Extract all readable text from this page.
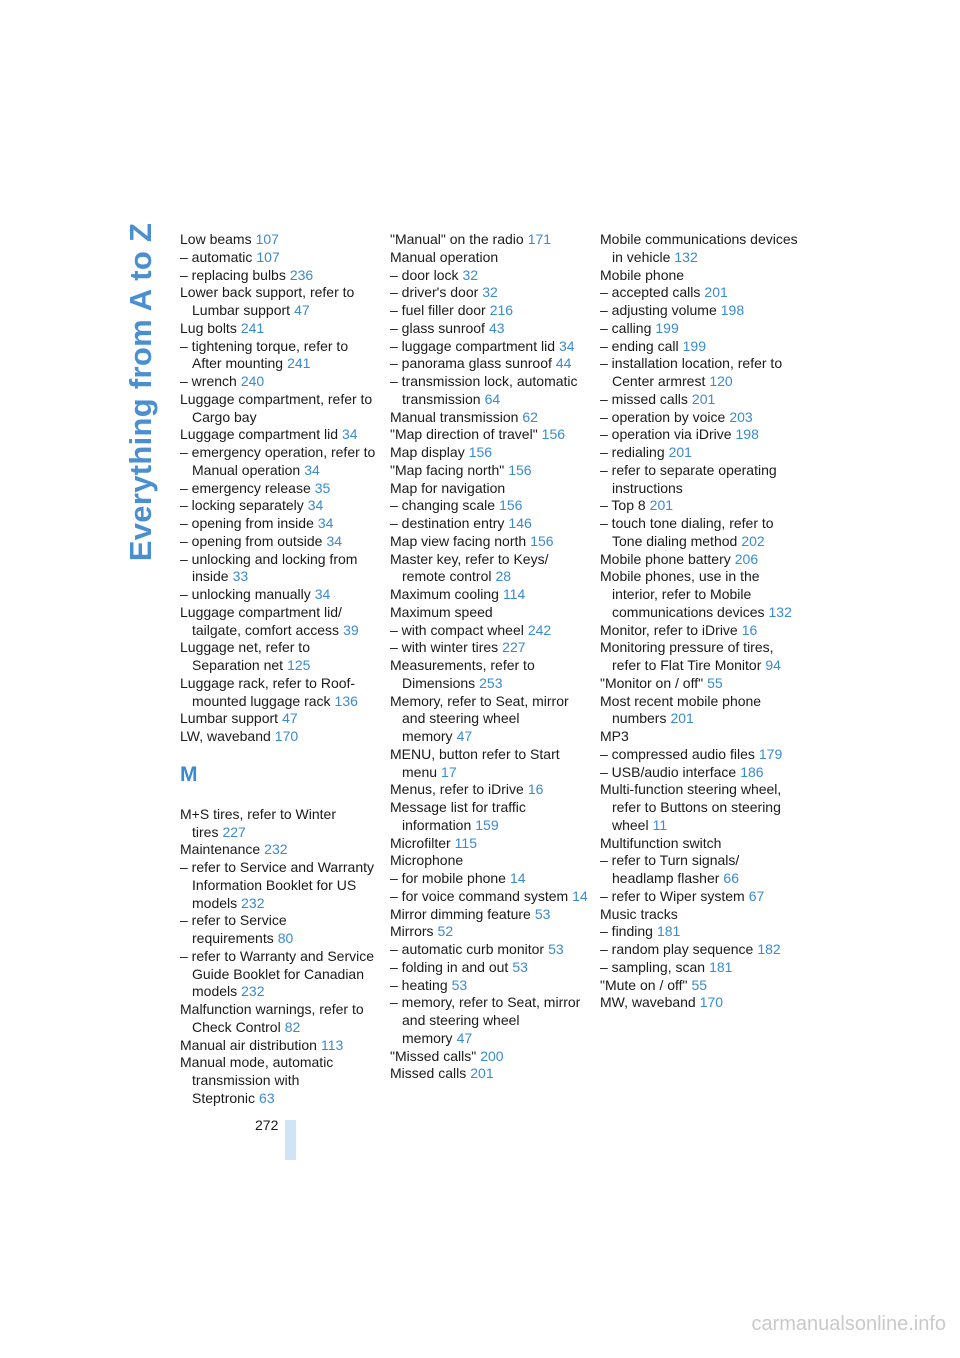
Everything from A to Z Low beams 107
– automatic 107
– replacing bulbs 236
Lower back support, refer to Lumbar support 47
Lug bolts 241
– tightening torque, refer to After mounting 241
– wrench 240
Luggage compartment, refer to Cargo bay
Luggage compartment lid 34
– emergency operation, refer to Manual operation 34
– emergency release 35
– locking separately 34
– opening from inside 34
– opening from outside 34
– unlocking and locking from inside 33
– unlocking manually 34
Luggage compartment lid/ tailgate, comfort access 39
Luggage net, refer to Separation net 125
Luggage rack, refer to Roof-mounted luggage rack 136
Lumbar support 47
LW, waveband 170
M
M+S tires, refer to Winter tires 227
Maintenance 232
– refer to Service and Warranty Information Booklet for US models 232
– refer to Service requirements 80
– refer to Warranty and Service Guide Booklet for Canadian models 232
Malfunction warnings, refer to Check Control 82
Manual air distribution 113
Manual mode, automatic transmission with Steptronic 63
"Manual" on the radio 171
Manual operation
– door lock 32
– driver's door 32
– fuel filler door 216
– glass sunroof 43
– luggage compartment lid 34
– panorama glass sunroof 44
– transmission lock, automatic transmission 64
Manual transmission 62
"Map direction of travel" 156
Map display 156
"Map facing north" 156
Map for navigation
– changing scale 156
– destination entry 146
Map view facing north 156
Master key, refer to Keys/ remote control 28
Maximum cooling 114
Maximum speed
– with compact wheel 242
– with winter tires 227
Measurements, refer to Dimensions 253
Memory, refer to Seat, mirror and steering wheel memory 47
MENU, button refer to Start menu 17
Menus, refer to iDrive 16
Message list for traffic information 159
Microfilter 115
Microphone
– for mobile phone 14
– for voice command system 14
Mirror dimming feature 53
Mirrors 52
– automatic curb monitor 53
– folding in and out 53
– heating 53
– memory, refer to Seat, mirror and steering wheel memory 47
"Missed calls" 200
Missed calls 201
Mobile communications devices in vehicle 132
Mobile phone
– accepted calls 201
– adjusting volume 198
– calling 199
– ending call 199
– installation location, refer to Center armrest 120
– missed calls 201
– operation by voice 203
– operation via iDrive 198
– redialing 201
– refer to separate operating instructions
– Top 8 201
– touch tone dialing, refer to Tone dialing method 202
Mobile phone battery 206
Mobile phones, use in the interior, refer to Mobile communications devices 132
Monitor, refer to iDrive 16
Monitoring pressure of tires, refer to Flat Tire Monitor 94
"Monitor on / off" 55
Most recent mobile phone numbers 201
MP3
– compressed audio files 179
– USB/audio interface 186
Multi-function steering wheel, refer to Buttons on steering wheel 11
Multifunction switch
– refer to Turn signals/ headlamp flasher 66
– refer to Wiper system 67
Music tracks
– finding 181
– random play sequence 182
– sampling, scan 181
"Mute on / off" 55
MW, waveband 170
272
carmanualsonline.info
